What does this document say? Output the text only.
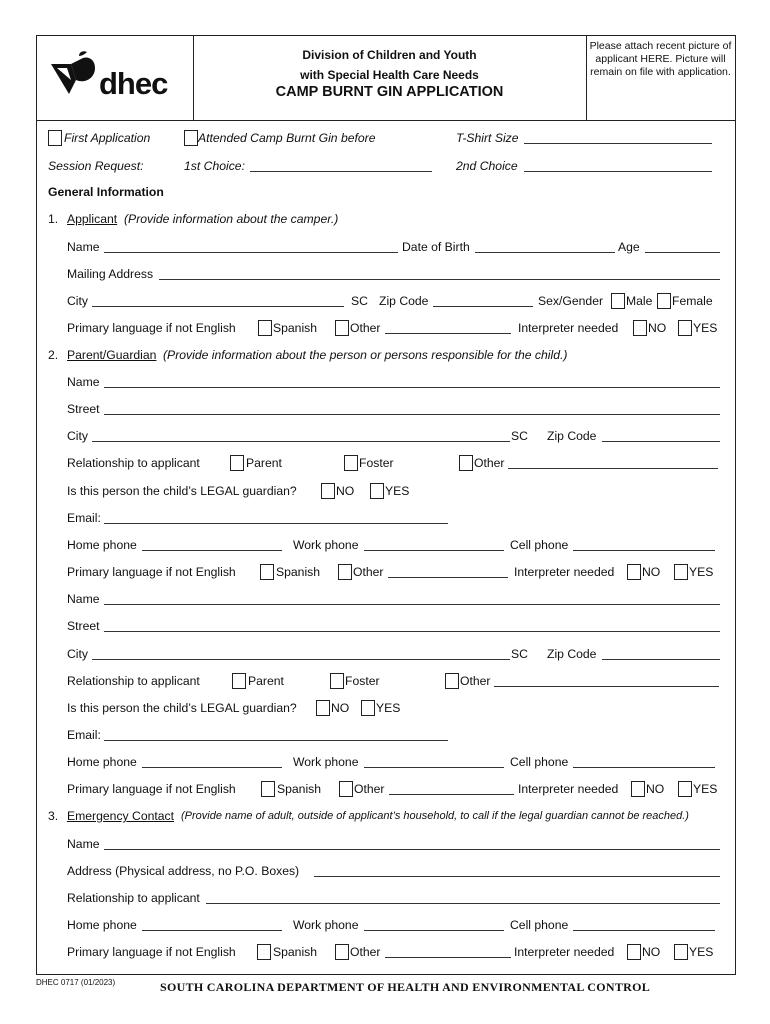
dhec
Division of Children and Youth
with Special Health Care Needs
CAMP BURNT GIN APPLICATION
Please attach recent picture of applicant HERE. Picture will remain on file with application.
First Application	Attended Camp Burnt Gin before	T-Shirt Size
Session Request:	1st Choice:	2nd Choice
General Information
1. Applicant (Provide information about the camper.)
Name	Date of Birth	Age
Mailing Address
City	SC Zip Code	Sex/Gender Male Female
Primary language if not English	Spanish	Other	Interpreter needed NO YES
2. Parent/Guardian (Provide information about the person or persons responsible for the child.)
Name
Street
City	SC Zip Code
Relationship to applicant	Parent	Foster	Other
Is this person the child’s LEGAL guardian?	NO	YES
Email:
Home phone	Work phone	Cell phone
Primary language if not English	Spanish	Other	Interpreter needed NO YES
Name
Street
City	SC Zip Code
Relationship to applicant	Parent	Foster	Other
Is this person the child’s LEGAL guardian?	NO YES
Email:
Home phone	Work phone	Cell phone
Primary language if not English	Spanish	Other	Interpreter needed NO YES
3. Emergency Contact (Provide name of adult, outside of applicant’s household, to call if the legal guardian cannot be reached.)
Name
Address (Physical address, no P.O. Boxes)
Relationship to applicant
Home phone	Work phone	Cell phone
Primary language if not English	Spanish	Other	Interpreter needed NO YES
DHEC 0717 (01/2023)	SOUTH CAROLINA DEPARTMENT OF HEALTH AND ENVIRONMENTAL CONTROL
